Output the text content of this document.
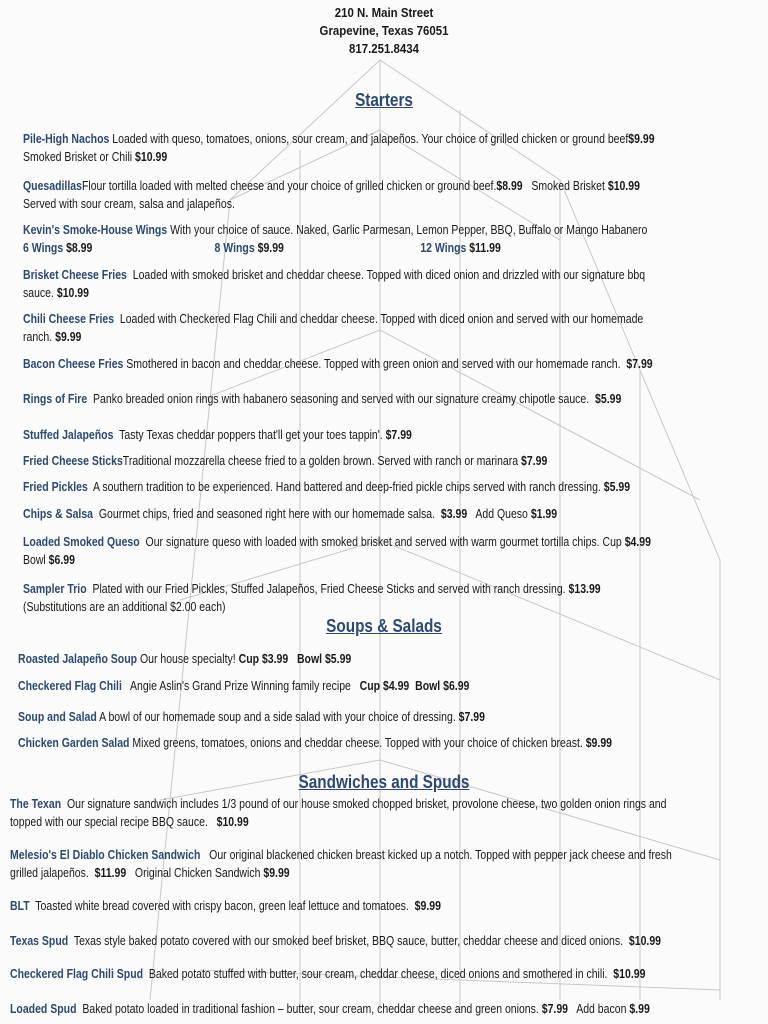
210 N. Main Street
Grapevine, Texas 76051
817.251.8434
Starters
Pile-High Nachos Loaded with queso, tomatoes, onions, sour cream, and jalapeños. Your choice of grilled chicken or ground beef$9.99
Smoked Brisket or Chili $10.99
QuesadillasFlour tortilla loaded with melted cheese and your choice of grilled chicken or ground beef.$8.99 Smoked Brisket $10.99
Served with sour cream, salsa and jalapeños.
Kevin's Smoke-House Wings With your choice of sauce. Naked, Garlic Parmesan, Lemon Pepper, BBQ, Buffalo or Mango Habanero
6 Wings $8.99	8 Wings $9.99	12 Wings $11.99
Brisket Cheese Fries Loaded with smoked brisket and cheddar cheese. Topped with diced onion and drizzled with our signature bbq
sauce. $10.99
Chili Cheese Fries Loaded with Checkered Flag Chili and cheddar cheese. Topped with diced onion and served with our homemade
ranch. $9.99
Bacon Cheese Fries Smothered in bacon and cheddar cheese. Topped with green onion and served with our homemade ranch. $7.99
Rings of Fire Panko breaded onion rings with habanero seasoning and served with our signature creamy chipotle sauce. $5.99
Stuffed Jalapeños Tasty Texas cheddar poppers that'll get your toes tappin'. $7.99
Fried Cheese SticksTraditional mozzarella cheese fried to a golden brown. Served with ranch or marinara $7.99
Fried Pickles A southern tradition to be experienced. Hand battered and deep-fried pickle chips served with ranch dressing. $5.99
Chips & Salsa Gourmet chips, fried and seasoned right here with our homemade salsa. $3.99 Add Queso $1.99
Loaded Smoked Queso Our signature queso with loaded with smoked brisket and served with warm gourmet tortilla chips. Cup $4.99
Bowl $6.99
Sampler Trio Plated with our Fried Pickles, Stuffed Jalapeños, Fried Cheese Sticks and served with ranch dressing. $13.99
(Substitutions are an additional $2.00 each)
Soups & Salads
Roasted Jalapeño Soup Our house specialty! Cup $3.99 Bowl $5.99
Checkered Flag Chili Angie Aslin's Grand Prize Winning family recipe Cup $4.99 Bowl $6.99
Soup and Salad A bowl of our homemade soup and a side salad with your choice of dressing. $7.99
Chicken Garden Salad Mixed greens, tomatoes, onions and cheddar cheese. Topped with your choice of chicken breast. $9.99
Sandwiches and Spuds
The Texan Our signature sandwich includes 1/3 pound of our house smoked chopped brisket, provolone cheese, two golden onion rings and
topped with our special recipe BBQ sauce. $10.99
Melesio's El Diablo Chicken Sandwich Our original blackened chicken breast kicked up a notch. Topped with pepper jack cheese and fresh
grilled jalapeños. $11.99 Original Chicken Sandwich $9.99
BLT Toasted white bread covered with crispy bacon, green leaf lettuce and tomatoes. $9.99
Texas Spud Texas style baked potato covered with our smoked beef brisket, BBQ sauce, butter, cheddar cheese and diced onions. $10.99
Checkered Flag Chili Spud Baked potato stuffed with butter, sour cream, cheddar cheese, diced onions and smothered in chili. $10.99
Loaded Spud Baked potato loaded in traditional fashion – butter, sour cream, cheddar cheese and green onions. $7.99 Add bacon $.99
